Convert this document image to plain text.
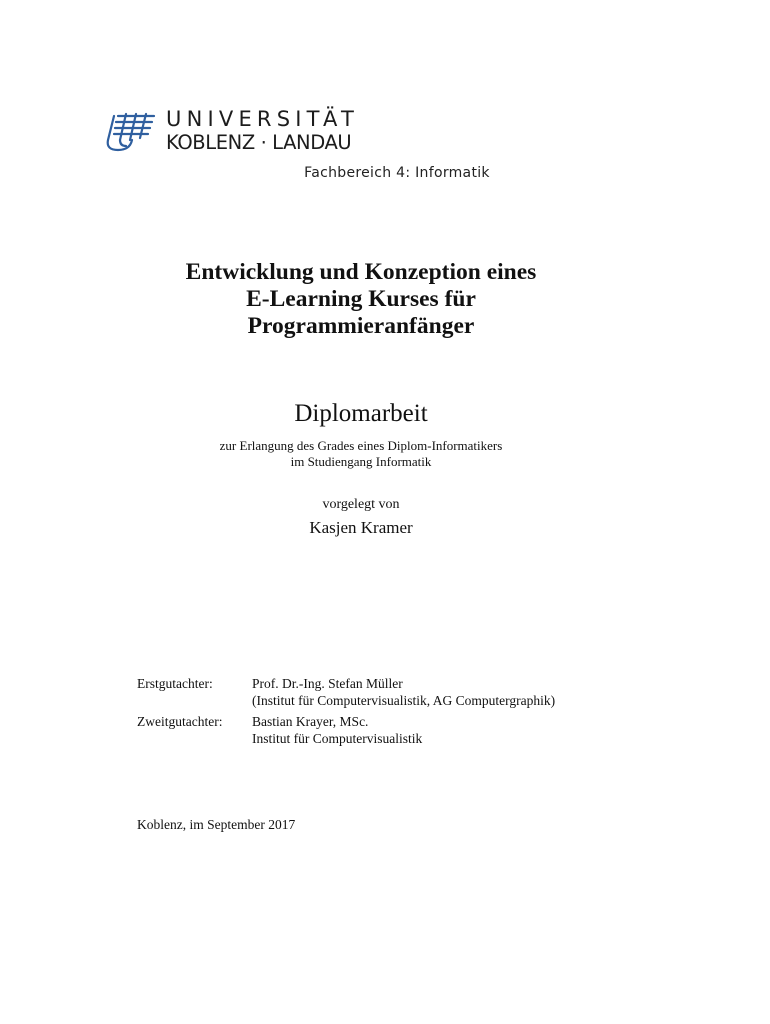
UNIVERSITÄT
KOBLENZ · LANDAU
Fachbereich 4: Informatik
Entwicklung und Konzeption eines
E-Learning Kurses für
Programmieranfänger
Diplomarbeit
zur Erlangung des Grades eines Diplom-Informatikers
im Studiengang Informatik
vorgelegt von
Kasjen Kramer
Erstgutachter:	Prof. Dr.-Ing. Stefan Müller
(Institut für Computervisualistik, AG Computergraphik)
Zweitgutachter: Bastian Krayer, MSc.
Institut für Computervisualistik
Koblenz, im September 2017
